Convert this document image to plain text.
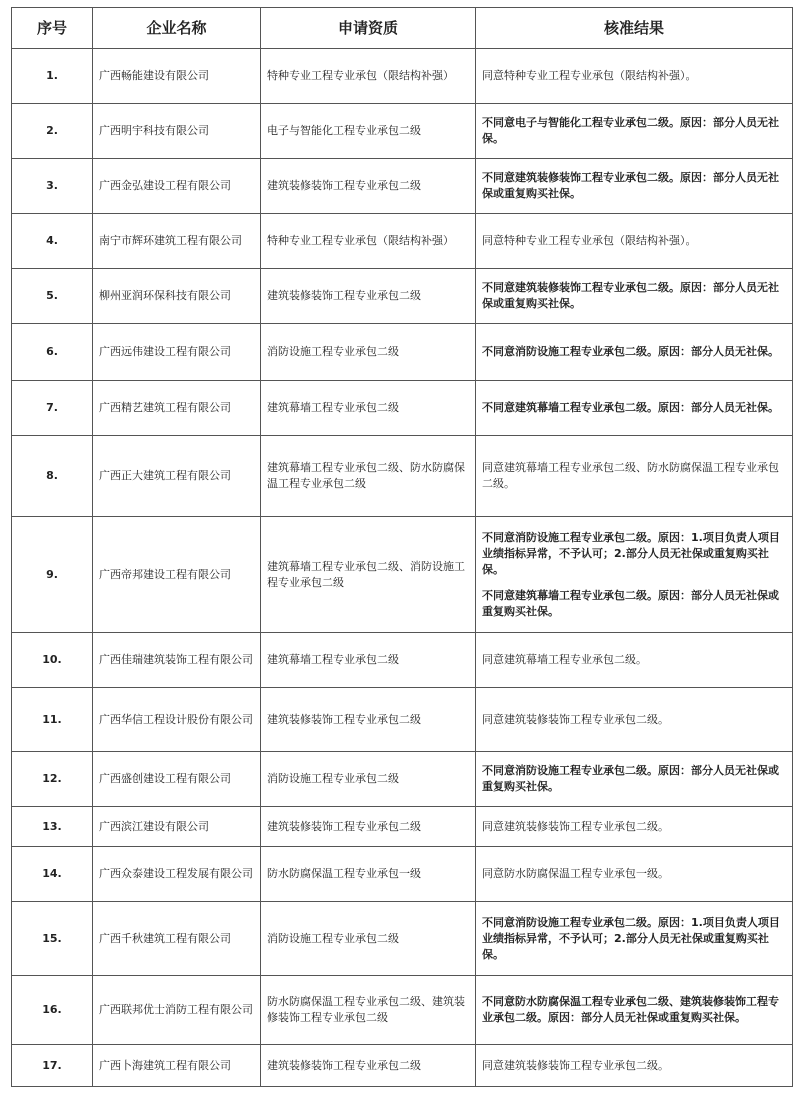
序号	企业名称	申请资质	核准结果
1.	广西畅能建设有限公司	特种专业工程专业承包（限结构补强）	同意特种专业工程专业承包（限结构补强）。

2.	广西明宇科技有限公司	电子与智能化工程专业承包二级	不同意电子与智能化工程专业承包二级。原因：部分人员无社保。

3.	广西金弘建设工程有限公司	建筑装修装饰工程专业承包二级	不同意建筑装修装饰工程专业承包二级。原因：部分人员无社保或重复购买社保。

4.	南宁市辉环建筑工程有限公司	特种专业工程专业承包（限结构补强）	同意特种专业工程专业承包（限结构补强）。

5.	柳州亚润环保科技有限公司	建筑装修装饰工程专业承包二级	不同意建筑装修装饰工程专业承包二级。原因：部分人员无社保或重复购买社保。

6.	广西远伟建设工程有限公司	消防设施工程专业承包二级	不同意消防设施工程专业承包二级。原因：部分人员无社保。

7.	广西精艺建筑工程有限公司	建筑幕墙工程专业承包二级	不同意建筑幕墙工程专业承包二级。原因：部分人员无社保。

8.	广西正大建筑工程有限公司	建筑幕墙工程专业承包二级、防水防腐保温工程专业承包二级	同意建筑幕墙工程专业承包二级、防水防腐保温工程专业承包二级。

9.	广西帝邦建设工程有限公司	建筑幕墙工程专业承包二级、消防设施工程专业承包二级	不同意消防设施工程专业承包二级。原因：1.项目负责人项目业绩指标异常，不予认可；2.部分人员无社保或重复购买社保。
不同意建筑幕墙工程专业承包二级。原因：部分人员无社保或重复购买社保。

10.	广西佳瑞建筑装饰工程有限公司	建筑幕墙工程专业承包二级	同意建筑幕墙工程专业承包二级。

11.	广西华信工程设计股份有限公司	建筑装修装饰工程专业承包二级	同意建筑装修装饰工程专业承包二级。

12.	广西盛创建设工程有限公司	消防设施工程专业承包二级	不同意消防设施工程专业承包二级。原因：部分人员无社保或重复购买社保。

13.	广西滨江建设有限公司	建筑装修装饰工程专业承包二级	同意建筑装修装饰工程专业承包二级。

14.	广西众泰建设工程发展有限公司	防水防腐保温工程专业承包一级	同意防水防腐保温工程专业承包一级。

15.	广西千秋建筑工程有限公司	消防设施工程专业承包二级	不同意消防设施工程专业承包二级。原因：1.项目负责人项目业绩指标异常，不予认可；2.部分人员无社保或重复购买社保。

16.	广西联邦优士消防工程有限公司	防水防腐保温工程专业承包二级、建筑装修装饰工程专业承包二级	不同意防水防腐保温工程专业承包二级、建筑装修装饰工程专业承包二级。原因：部分人员无社保或重复购买社保。

17.	广西卜海建筑工程有限公司	建筑装修装饰工程专业承包二级	同意建筑装修装饰工程专业承包二级。
